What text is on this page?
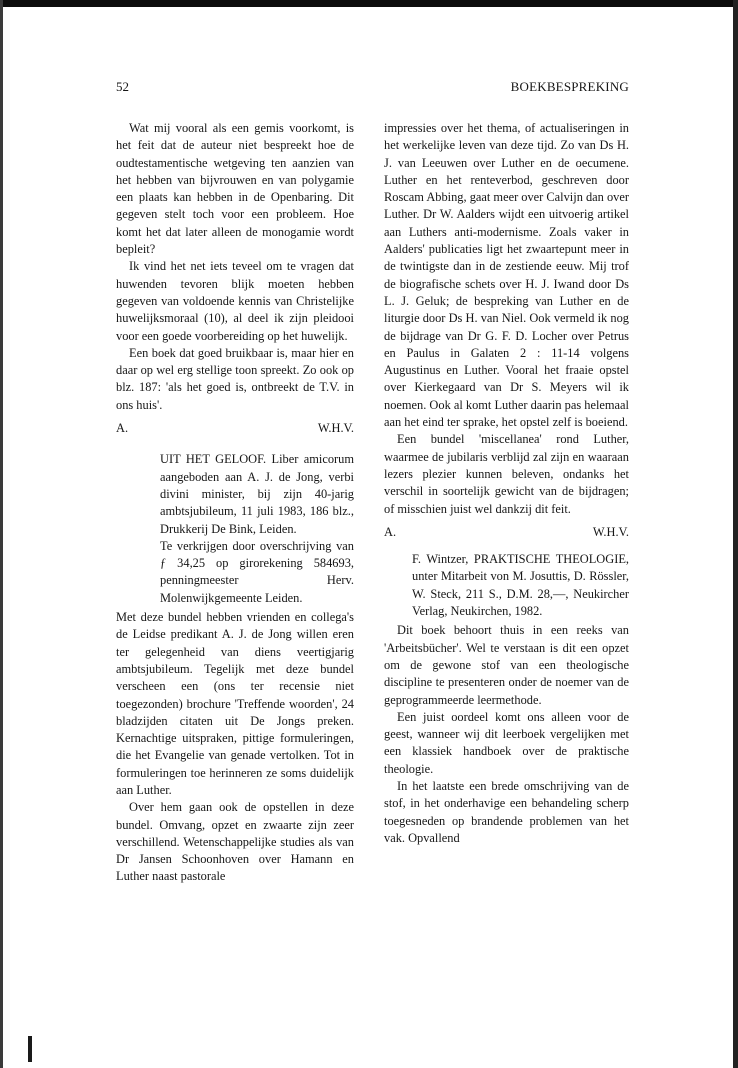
52	BOEKBESPREKING

Wat mij vooral als een gemis voorkomt, is het feit dat de auteur niet bespreekt hoe de oudtestamentische wetgeving ten aanzien van het hebben van bijvrouwen en van polygamie een plaats kan hebben in de Openbaring. Dit gegeven stelt toch voor een probleem. Hoe komt het dat later alleen de monogamie wordt bepleit?

Ik vind het net iets teveel om te vragen dat huwenden tevoren blijk moeten hebben gegeven van voldoende kennis van Christelijke huwelijksmoraal (10), al deel ik zijn pleidooi voor een goede voorbereiding op het huwelijk.

Een boek dat goed bruikbaar is, maar hier en daar op wel erg stellige toon spreekt. Zo ook op blz. 187: 'als het goed is, ontbreekt de T.V. in ons huis'.

A.	W.H.V.

UIT HET GELOOF. Liber amicorum aangeboden aan A. J. de Jong, verbi divini minister, bij zijn 40-jarig ambtsjubileum, 11 juli 1983, 186 blz., Drukkerij De Bink, Leiden.

Te verkrijgen door overschrijving van ƒ 34,25 op girorekening 584693, penningmeester Herv. Molenwijkgemeente Leiden.

Met deze bundel hebben vrienden en collega's de Leidse predikant A. J. de Jong willen eren ter gelegenheid van diens veertigjarig ambtsjubileum. Tegelijk met deze bundel verscheen een (ons ter recensie niet toegezonden) brochure 'Treffende woorden', 24 bladzijden citaten uit De Jongs preken. Kernachtige uitspraken, pittige formuleringen, die het Evangelie van genade vertolken. Tot in formuleringen toe herinneren ze soms duidelijk aan Luther.

Over hem gaan ook de opstellen in deze bundel. Omvang, opzet en zwaarte zijn zeer verschillend. Wetenschappelijke studies als van Dr Jansen Schoonhoven over Hamann en Luther naast pastorale

impressies over het thema, of actualiseringen in het werkelijke leven van deze tijd. Zo van Ds H. J. van Leeuwen over Luther en de oecumene. Luther en het renteverbod, geschreven door Roscam Abbing, gaat meer over Calvijn dan over Luther. Dr W. Aalders wijdt een uitvoerig artikel aan Luthers anti-modernisme. Zoals vaker in Aalders' publicaties ligt het zwaartepunt meer in de twintigste dan in de zestiende eeuw. Mij trof de biografische schets over H. J. Iwand door Ds L. J. Geluk; de bespreking van Luther en de liturgie door Ds H. van Niel. Ook vermeld ik nog de bijdrage van Dr G. F. D. Locher over Petrus en Paulus in Galaten 2 : 11-14 volgens Augustinus en Luther. Vooral het fraaie opstel over Kierkegaard van Dr S. Meyers wil ik noemen. Ook al komt Luther daarin pas helemaal aan het eind ter sprake, het opstel zelf is boeiend.

Een bundel 'miscellanea' rond Luther, waarmee de jubilaris verblijd zal zijn en waaraan lezers plezier kunnen beleven, ondanks het verschil in soortelijk gewicht van de bijdragen; of misschien juist wel dankzij dit feit.

A.	W.H.V.

F. Wintzer, PRAKTISCHE THEOLOGIE, unter Mitarbeit von M. Josuttis, D. Rössler, W. Steck, 211 S., D.M. 28,—, Neukircher Verlag, Neukirchen, 1982.

Dit boek behoort thuis in een reeks van 'Arbeitsbücher'. Wel te verstaan is dit een opzet om de gewone stof van een theologische discipline te presenteren onder de noemer van de geprogrammeerde leermethode.

Een juist oordeel komt ons alleen voor de geest, wanneer wij dit leerboek vergelijken met een klassiek handboek over de praktische theologie.

In het laatste een brede omschrijving van de stof, in het onderhavige een behandeling scherp toegesneden op brandende problemen van het vak. Opvallend
